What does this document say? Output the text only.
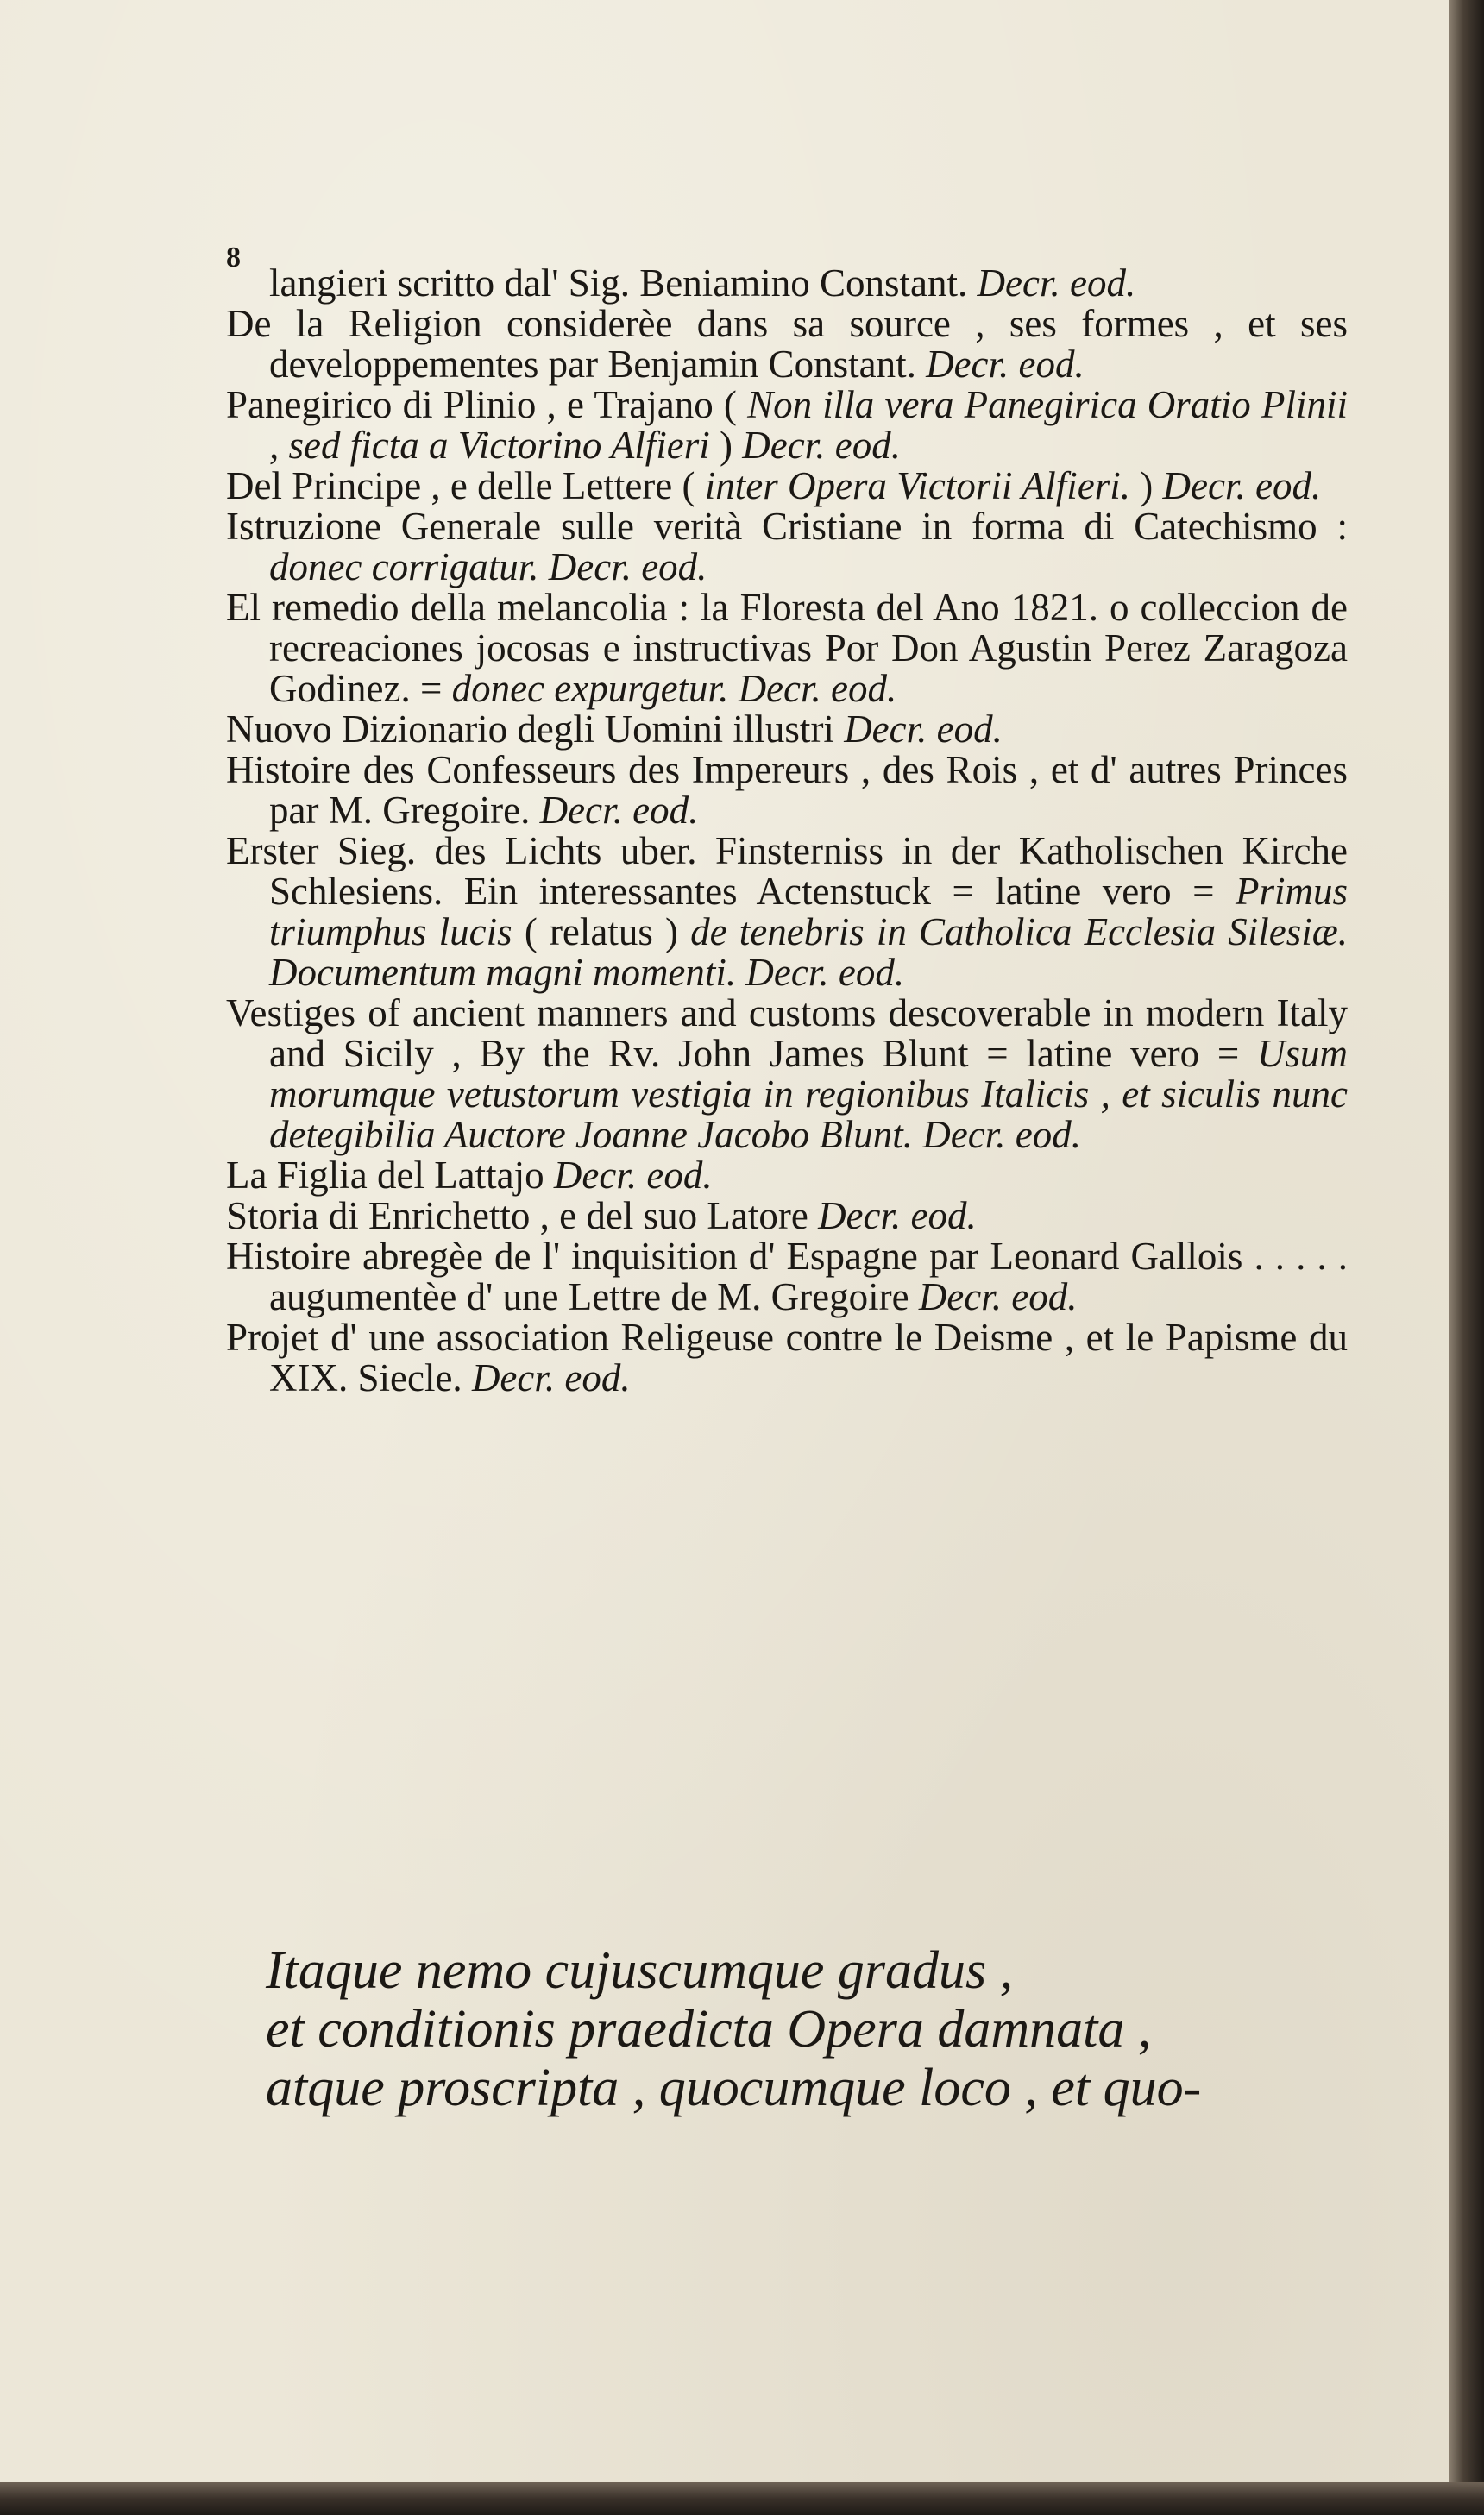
8

langieri scritto dal' Sig. Beniamino Constant. Decr. eod.

De la Religion considerèe dans sa source , ses formes , et ses developpementes par Benjamin Constant. Decr. eod.

Panegirico di Plinio , e Trajano ( Non illa vera Panegirica Oratio Plinii , sed ficta a Victorino Alfieri ) Decr. eod.

Del Principe , e delle Lettere ( inter Opera Victorii Alfieri. ) Decr. eod.

Istruzione Generale sulle verità Cristiane in forma di Catechismo : donec corrigatur. Decr. eod.

El remedio della melancolia : la Floresta del Ano 1821. o colleccion de recreaciones jocosas e instructivas Por Don Agustin Perez Zaragoza Godinez. = donec expurgetur. Decr. eod.

Nuovo Dizionario degli Uomini illustri Decr. eod.

Histoire des Confesseurs des Impereurs , des Rois , et d' autres Princes par M. Gregoire. Decr. eod.

Erster Sieg. des Lichts uber. Finsterniss in der Katholischen Kirche Schlesiens. Ein interessantes Actenstuck = latine vero = Primus triumphus lucis ( relatus ) de tenebris in Catholica Ecclesia Silesiæ. Documentum magni momenti. Decr. eod.

Vestiges of ancient manners and customs descoverable in modern Italy and Sicily , By the Rv. John James Blunt = latine vero = Usum morumque vetustorum vestigia in regionibus Italicis , et siculis nunc detegibilia Auctore Joanne Jacobo Blunt. Decr. eod.

La Figlia del Lattajo Decr. eod.

Storia di Enrichetto , e del suo Latore Decr. eod.

Histoire abregèe de l' inquisition d' Espagne par Leonard Gallois . . . . . augumentèe d' une Lettre de M. Gregoire Decr. eod.

Projet d' une association Religeuse contre le Deisme , et le Papisme du XIX. Siecle. Decr. eod.

Itaque nemo cujuscumque gradus ,
et conditionis praedicta Opera damnata ,
atque proscripta , quocumque loco , et quo-
